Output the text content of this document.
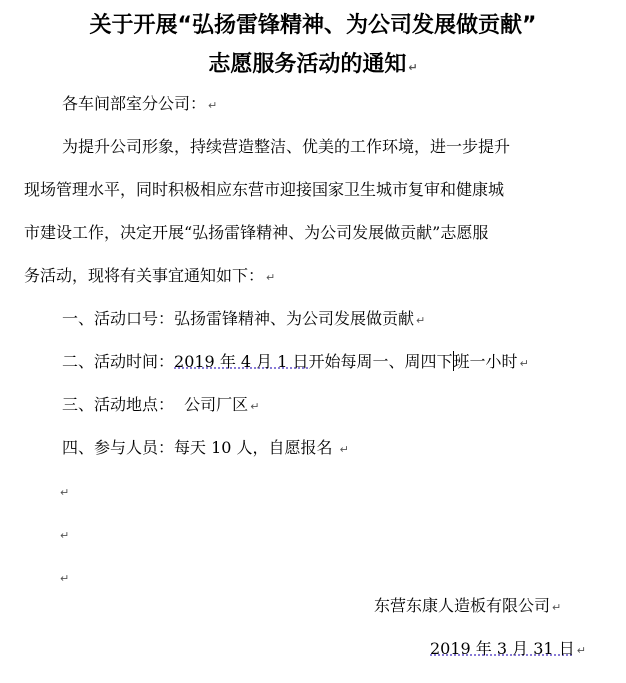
关于开展“弘扬雷锋精神、为公司发展做贡献”
志愿服务活动的通知 ↵
各车间部室分公司： ↵
为提升公司形象，持续营造整洁、优美的工作环境，进一步提升
现场管理水平，同时积极相应东营市迎接国家卫生城市复审和健康城
市建设工作，决定开展“弘扬雷锋精神、为公司发展做贡献”志愿服
务活动，现将有关事宜通知如下： ↵
一、活动口号：弘扬雷锋精神、为公司发展做贡献 ↵
二、活动时间：2019 年 4 月 1 日开始每周一、周四下班一小时 ↵
三、活动地点：  公司厂区 ↵
四、参与人员：每天 10 人，自愿报名 ↵
↵
↵
↵
东营东康人造板有限公司 ↵
2019 年 3 月 31 日 ↵
